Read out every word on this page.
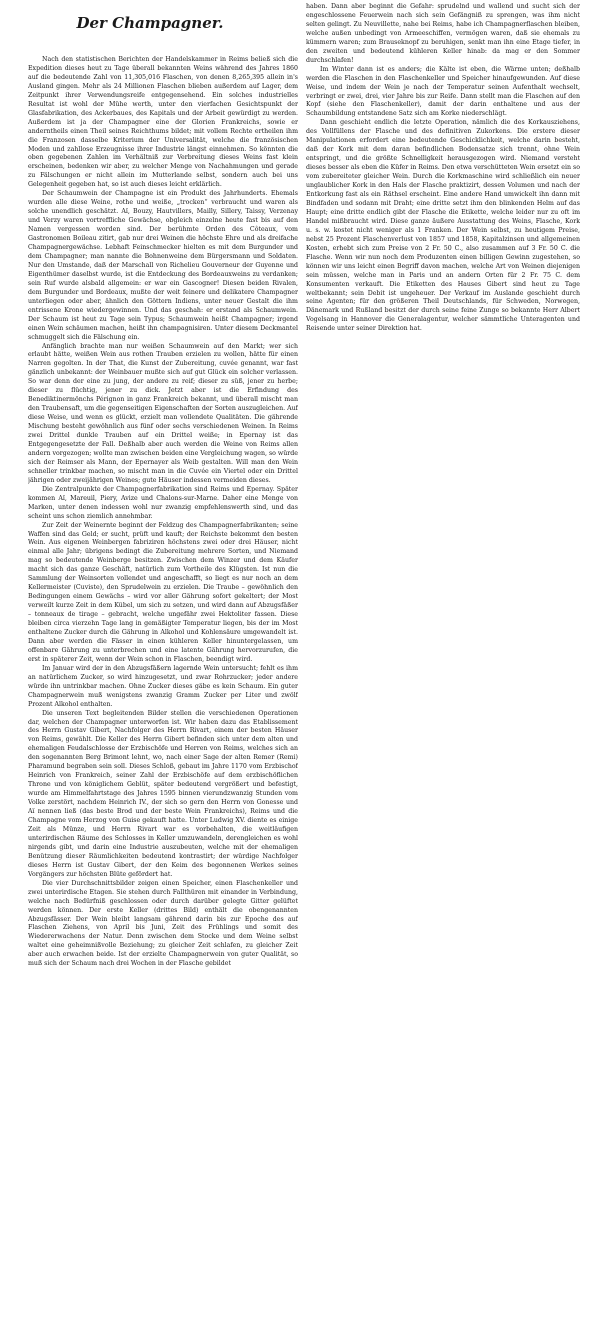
Der Champagner.

Nach den statistischen Berichten der Handelskammer in Reims beließ sich die Expedition dieses heut zu Tage überall bekannten Weins während des Jahres 1860 auf die bedeutende Zahl von 11,305,016 Flaschen, von denen 8,265,395 allein in's Ausland gingen. Mehr als 24 Millionen Flaschen blieben außerdem auf Lager, dem Zeitpunkt ihrer Verwendungsreife entgegensehend. Ein solches industrielles Resultat ist wohl der Mühe werth, unter den vierfachen Gesichtspunkt der Glasfabrikation, des Ackerbaues, des Kapitals und der Arbeit gewürdigt zu werden. Außerdem ist ja der Champagner eine der Glorien Frankreichs, sowie er anderntheils einen Theil seines Reichthums bildet; mit vollem Rechte ertheilen ihm die Franzosen dasselbe Kriterium der Universalität, welche die französischen Moden und zahllose Erzeugnisse ihrer Industrie längst einnehmen. So könnten die oben gegebenen Zahlen im Verhältniß zur Verbreitung dieses Weins fast klein erscheinen, bedenken wir aber, zu welcher Menge von Nachahmungen und gerade zu Fälschungen er nicht allein im Mutterlande selbst, sondern auch bei uns Gelegenheit gegeben hat, so ist auch dieses leicht erklärlich.

Der Schaumwein der Champagne ist ein Produkt des Jahrhunderts. Ehemals wurden alle diese Weine, rothe und weiße, „trocken“ verbraucht und waren als solche unendlich geschätzt. Aï, Bouzy, Hautvillers, Mailly, Sillery, Taissy, Verzenay und Verzy waren vortreffliche Gewächse, obgleich einzelne heute fast bis auf den Namen vergessen worden sind. Der berühmte Orden des Côteaux, vom Gastronomen Boileau zitirt, gab nur drei Weinen die höchste Ehre und als dreifache Champagnergewächse. Lebhaft Feinschmecker hielten es mit dem Burgunder und dem Champagner; man nannte die Bohnenweine dem Bürgersmann und Soldaten. Nur den Umstande, daß der Marschall von Richelieu Gouverneur der Guyenne und Eigenthümer daselbst wurde, ist die Entdeckung des Bordeauxweins zu verdanken; sein Ruf wurde alsbald allgemein: er war ein Gascogner! Diesen beiden Rivalen, dem Burgunder und Bordeaux, mußte der weit feinere und delikatere Champagner unterliegen oder aber, ähnlich den Göttern Indiens, unter neuer Gestalt die ihm entrissene Krone wiedergewinnen. Und das geschah: er erstand als Schaumwein. Der Schaum ist heut zu Tage sein Typus; Schaumwein heißt Champagner; irgend einen Wein schäumen machen, heißt ihn champagnisiren. Unter diesem Deckmantel schmuggelt sich die Fälschung ein.

Anfänglich brachte man nur weißen Schaumwein auf den Markt; wer sich erlaubt hätte, weißen Wein aus rothen Trauben erzielen zu wollen, hätte für einen Narren gegolten. In der That, die Kunst der Zubereitung, cuvée genannt, war fast gänzlich unbekannt: der Weinbauer mußte sich auf gut Glück ein solcher verlassen. So war denn der eine zu jung, der andere zu reif; dieser zu süß, jener zu herbe; dieser zu flüchtig, jener zu dick. Jetzt aber ist die Erfindung des Benediktinermönchs Pérignon in ganz Frankreich bekannt, und überall mischt man den Traubensaft, um die gegenseitigen Eigenschaften der Sorten auszugleichen. Auf diese Weise, und wenn es glückt, erzielt man vollendete Qualitäten. Die gährende Mischung besteht gewöhnlich aus fünf oder sechs verschiedenen Weinen. In Reims zwei Drittel dunkle Trauben auf ein Drittel weiße; in Epernay ist das Entgegengesetzte der Fall. Deßhalb aber auch werden die Weine von Reims allen andern vorgezogen; wollte man zwischen beiden eine Vergleichung wagen, so würde sich der Reimser als Mann, der Epernayer als Weib gestalten. Will man den Wein schneller trinkbar machen, so mischt man in die Cuvée ein Viertel oder ein Drittel jährigen oder zweijährigen Weines; gute Häuser indessen vermeiden dieses.

Die Zentralpunkte der Champagnerfabrikation sind Reims und Epernay. Später kommen Aï, Mareuil, Piery, Avize und Chalons-sur-Marne. Daher eine Menge von Marken, unter denen indessen wohl nur zwanzig empfehlenswerth sind, und das scheint uns schon ziemlich annehmbar.

Zur Zeit der Weinernte beginnt der Feldzug des Champagnerfabrikanten; seine Waffen sind das Geld; er sucht, prüft und kauft; der Reichste bekommt den besten Wein. Aus eigenen Weinbergen fabriziren höchstens zwei oder drei Häuser, nicht einmal alle Jahr; übrigens bedingt die Zubereitung mehrere Sorten, und Niemand mag so bedeutende Weinberge besitzen. Zwischen dem Winzer und dem Käufer macht sich das ganze Geschäft, natürlich zum Vortheile des Klügsten. Ist nun die Sammlung der Weinsorten vollendet und angeschafft, so liegt es nur noch an dem Kellermeister (Cuviste), den Sprudelwein zu erzielen. Die Traube – gewöhnlich den Bedingungen einem Gewächs – wird vor aller Gährung sofort gekeltert; der Most verweilt kurze Zeit in dem Kübel, um sich zu setzen, und wird dann auf Abzugsfäßer – tonneaux de tirage – gebracht, welche ungefähr zwei Hektoliter fassen. Diese bleiben circa vierzehn Tage lang in gemäßigter Temperatur liegen, bis der im Most enthaltene Zucker durch die Gährung in Alkohol und Kohlensäure umgewandelt ist. Dann aber werden die Fässer in einen kühleren Keller hinuntergelassen, um offenbare Gährung zu unterbrechen und eine latente Gährung hervorzurufen, die erst in späterer Zeit, wenn der Wein schon in Flaschen, beendigt wird.

Im Januar wird der in den Abzugsfäßern lagernde Wein untersucht; fehlt es ihm an natürlichem Zucker, so wird hinzugesetzt, und zwar Rohrzucker; jeder andere würde ihn untrinkbar machen. Ohne Zucker dieses gäbe es kein Schaum. Ein guter Champagnerwein muß wenigstens zwanzig Gramm Zucker per Liter und zwölf Prozent Alkohol enthalten.

Die unseren Text begleitenden Bilder stellen die verschiedenen Operationen dar, welchen der Champagner unterworfen ist. Wir haben dazu das Etablissement des Herrn Gustav Gibert, Nachfolger des Herrn Rivart, einem der besten Häuser von Reims, gewählt. Die Keller des Herrn Gibert befinden sich unter dem alten und ehemaligen Feudalschlosse der Erzbischöfe und Herren von Reims, welches sich an den sogenannten Berg Brimont lehnt, wo, nach einer Sage der alten Remer (Remi) Pharamund begraben sein soll. Dieses Schloß, gebaut im Jahre 1170 vom Erzbischof Heinrich von Frankreich, seiner Zahl der Erzbischöfe auf dem erzbischöflichen Throne und von königlichem Geblüt, später bedeutend vergrößert und befestigt, wurde am Himmelfahrtstage des Jahres 1595 binnen vierundzwanzig Stunden vom Volke zerstört, nachdem Heinrich IV., der sich so gern den Herrn von Gonesse und Aï nennen ließ (das beste Brod und der beste Wein Frankreichs), Reims und die Champagne vom Herzog von Guise gekauft hatte. Unter Ludwig XV. diente es einige Zeit als Münze, und Herrn Rivart war es vorbehalten, die weitläufigen unterirdischen Räume des Schlosses in Keller umzuwandeln, derengleichen es wohl nirgends gibt, und darin eine Industrie auszubeuten, welche mit der ehemaligen Benützung dieser Räumlichkeiten bedeutend kontrastirt; der würdige Nachfolger dieses Herrn ist Gustav Gibert, der den Keim des begonnenen Werkes seines Vorgängers zur höchsten Blüte gefördert hat.

Die vier Durchschnittsbilder zeigen einen Speicher, einen Flaschenkeller und zwei unterirdische Etagen. Sie stehen durch Fallthüren mit einander in Verbindung, welche nach Bedürfniß geschlossen oder durch darüber gelegte Gitter gelüftet werden können. Der erste Keller (drittes Bild) enthält die obengenannten Abzugsfässer. Der Wein bleibt langsam gährend darin bis zur Epoche des auf Flaschen Ziehens, von April bis Juni, Zeit des Frühlings und somit des Wiedererwachens der Natur. Denn zwischen dem Stocke und dem Weine selbst waltet eine geheimnißvolle Beziehung; zu gleicher Zeit schlafen, zu gleicher Zeit aber auch erwachen beide. Ist der erzielte Champagnerwein von guter Qualität, so muß sich der Schaum nach drei Wochen in der Flasche gebildet

haben. Dann aber beginnt die Gefahr: sprudelnd und wallend und sucht sich der engeschlossene Feuerwein nach sich sein Gefängniß zu sprengen, was ihm nicht selten gelingt. Zu Neuvillette, nahe bei Reims, habe ich Champagnerflaschen bleiben, welche außen unbedingt von Armeeschiffen, vermögen waren, daß sie ehemals zu kümmern waren; zum Brauseknopf zu beruhigen, senkt man ihn eine Etage tiefer, in den zweiten und bedeutend kühleren Keller hinab: da mag er den Sommer durchschlafen!

Im Winter dann ist es anders; die Kälte ist eben, die Wärme unten; deßhalb werden die Flaschen in den Flaschenkeller und Speicher hinaufgewunden. Auf diese Weise, und indem der Wein je nach der Temperatur seinen Aufenthalt wechselt, verbringt er zwei, drei, vier Jahre bis zur Reife. Dann stellt man die Flaschen auf den Kopf (siehe den Flaschenkeller), damit der darin enthaltene und aus der Schaumbildung entstandene Satz sich am Korke niederschlägt.

Dann geschieht endlich die letzte Operation, nämlich die des Korkausziehens, des Vollfüllens der Flasche und des definitiven Zukorkens. Die erstere dieser Manipulationen erfordert eine bedeutende Geschicklichkeit, welche darin besteht, daß der Kork mit dem daran befindlichen Bodensatze sich trennt, ohne Wein entspringt, und die größte Schnelligkeit herausgezogen wird. Niemand versteht dieses besser als eben die Küfer in Reims. Den etwa verschütteten Wein ersetzt ein so vom zubereiteter gleicher Wein. Durch die Korkmaschine wird schließlich ein neuer unglaublicher Kork in den Hals der Flasche praktizirt, dessen Volumen und nach der Entkorkung fast als ein Räthsel erscheint. Eine andere Hand umwickelt ihn dann mit Bindfaden und sodann mit Draht; eine dritte setzt ihm den blinkenden Helm auf das Haupt; eine dritte endlich gibt der Flasche die Etikette, welche leider nur zu oft im Handel mißbraucht wird. Diese ganze äußere Ausstattung des Weins, Flasche, Kork u. s. w. kostet nicht weniger als 1 Franken. Der Wein selbst, zu heutigem Preise, nebst 25 Prozent Flaschenverlust von 1857 und 1858, Kapitalzinsen und allgemeinen Kosten, erhebt sich zum Preise von 2 Fr. 50 C., also zusammen auf 3 Fr. 50 C. die Flasche. Wenn wir nun noch dem Produzenten einen billigen Gewinn zugestehen, so können wir uns leicht einen Begriff davon machen, welche Art von Weinen diejenigen sein müssen, welche man in Paris und an andern Orten für 2 Fr. 75 C. dem Konsumenten verkauft. Die Etiketten des Hauses Gibert sind heut zu Tage weltbekannt; sein Debit ist ungeheuer. Der Verkauf im Auslande geschieht durch seine Agenten; für den größeren Theil Deutschlands, für Schweden, Norwegen, Dänemark und Rußland besitzt der durch seine feine Zunge so bekannte Herr Albert Vogelsang in Hannover die Generalagentur, welcher sämmtliche Unteragenten und Reisende unter seiner Direktion hat.
